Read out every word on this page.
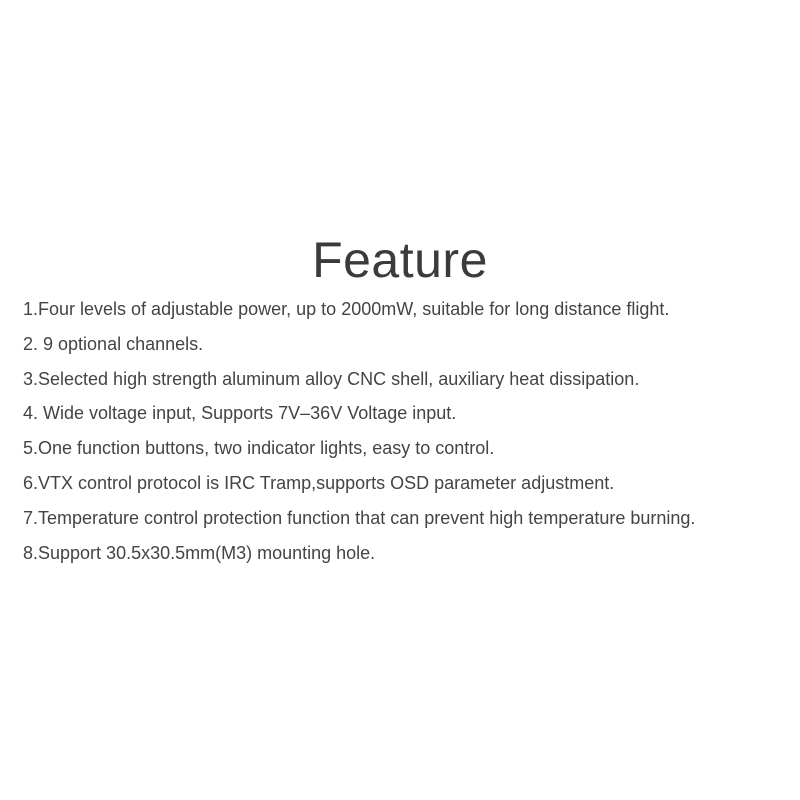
Feature
1.Four levels of adjustable power, up to 2000mW, suitable for long distance flight.
2. 9 optional channels.
3.Selected high strength aluminum alloy CNC shell, auxiliary heat dissipation.
4. Wide voltage input, Supports 7V–36V Voltage input.
5.One function buttons, two indicator lights, easy to control.
6.VTX control protocol is IRC Tramp,supports OSD parameter adjustment.
7.Temperature control protection function that can prevent high temperature burning.
8.Support 30.5x30.5mm(M3) mounting hole.
